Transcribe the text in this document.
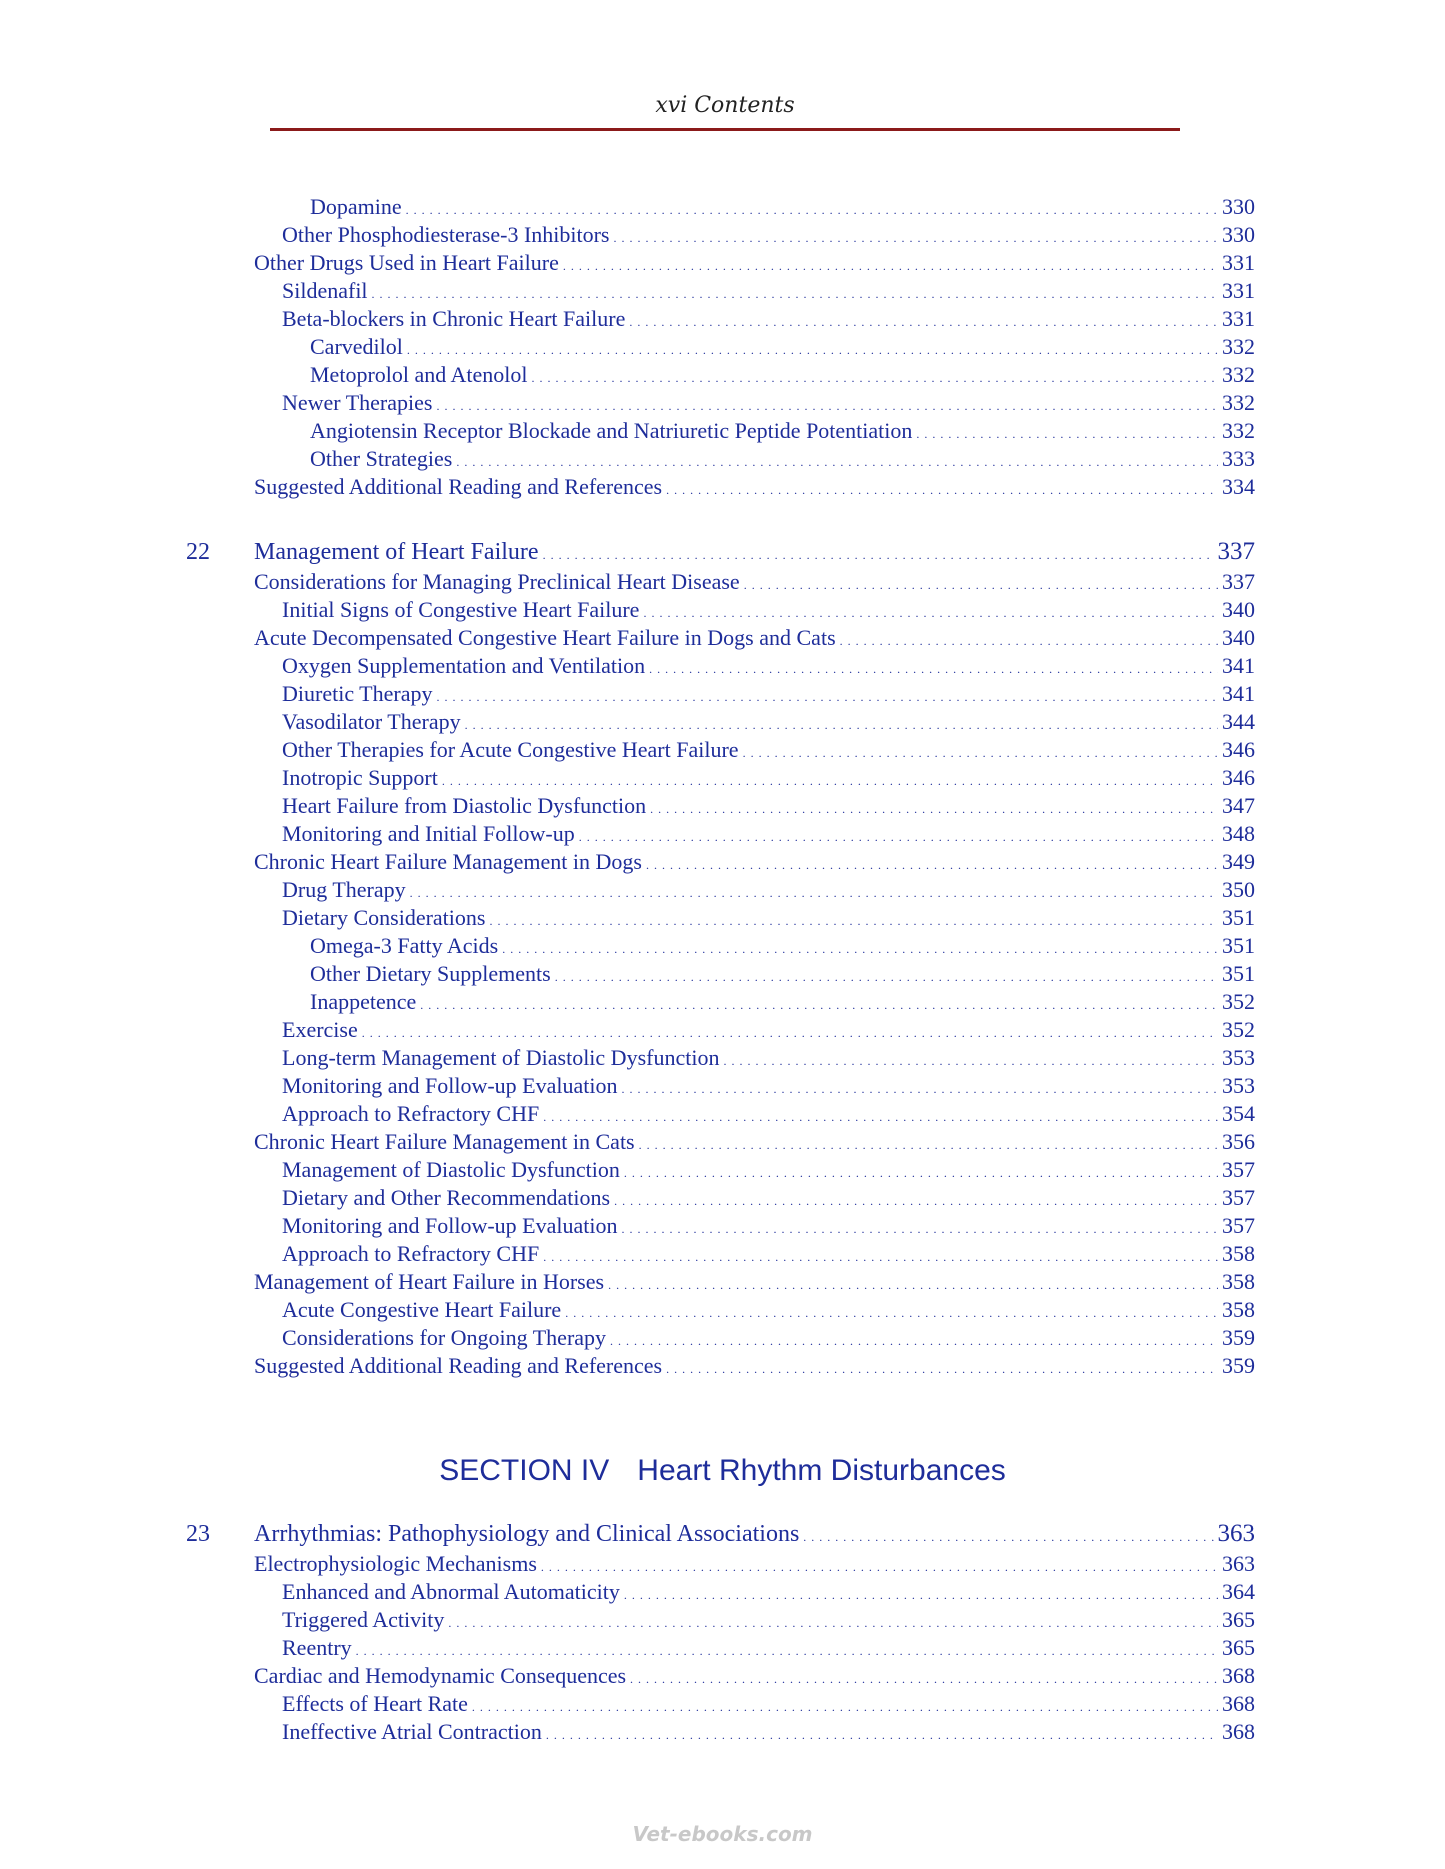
xvi Contents
Dopamine . . .	330
Other Phosphodiesterase-3 Inhibitors . . .	330
Other Drugs Used in Heart Failure . . .	331
Sildenafil . . .	331
Beta-blockers in Chronic Heart Failure . . .	331
Carvedilol . . .	332
Metoprolol and Atenolol . . .	332
Newer Therapies . . .	332
Angiotensin Receptor Blockade and Natriuretic Peptide Potentiation . . .	332
Other Strategies . . .	333
Suggested Additional Reading and References . . .	334
22 Management of Heart Failure . . .	337
Considerations for Managing Preclinical Heart Disease . . .	337
Initial Signs of Congestive Heart Failure . . .	340
Acute Decompensated Congestive Heart Failure in Dogs and Cats . . .	340
Oxygen Supplementation and Ventilation . . .	341
Diuretic Therapy . . .	341
Vasodilator Therapy . . .	344
Other Therapies for Acute Congestive Heart Failure . . .	346
Inotropic Support . . .	346
Heart Failure from Diastolic Dysfunction . . .	347
Monitoring and Initial Follow-up . . .	348
Chronic Heart Failure Management in Dogs . . .	349
Drug Therapy . . .	350
Dietary Considerations . . .	351
Omega-3 Fatty Acids . . .	351
Other Dietary Supplements . . .	351
Inappetence . . .	352
Exercise . . .	352
Long-term Management of Diastolic Dysfunction . . .	353
Monitoring and Follow-up Evaluation . . .	353
Approach to Refractory CHF . . .	354
Chronic Heart Failure Management in Cats . . .	356
Management of Diastolic Dysfunction . . .	357
Dietary and Other Recommendations . . .	357
Monitoring and Follow-up Evaluation . . .	357
Approach to Refractory CHF . . .	358
Management of Heart Failure in Horses . . .	358
Acute Congestive Heart Failure . . .	358
Considerations for Ongoing Therapy . . .	359
Suggested Additional Reading and References . . .	359
SECTION IV Heart Rhythm Disturbances
23 Arrhythmias: Pathophysiology and Clinical Associations . . .	363
Electrophysiologic Mechanisms . . .	363
Enhanced and Abnormal Automaticity . . .	364
Triggered Activity . . .	365
Reentry . . .	365
Cardiac and Hemodynamic Consequences . . .	368
Effects of Heart Rate . . .	368
Ineffective Atrial Contraction . . .	368
Vet-ebooks.com
